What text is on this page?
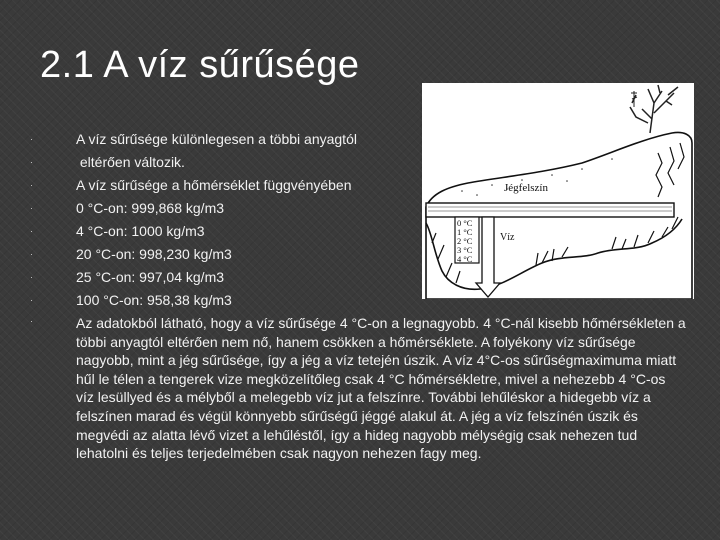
2.1 A víz sűrűsége
0 °C
1 °C
2 °C
3 °C
4 °C
Jégfelszín
Víz
·	A víz sűrűsége különlegesen a többi anyagtól
·	eltérően változik.
·	A víz sűrűsége a hőmérséklet függvényében
·	0 °C-on: 999,868 kg/m3
·	4 °C-on: 1000 kg/m3
·	20 °C-on: 998,230 kg/m3
·	25 °C-on: 997,04 kg/m3
·	100 °C-on: 958,38 kg/m3
·	Az adatokból látható, hogy a víz sűrűsége 4 °C-on a legnagyobb. 4 °C-nál kisebb hőmérsékleten a többi anyagtól eltérően nem nő, hanem csökken a hőmérséklete. A folyékony víz sűrűsége nagyobb, mint a jég sűrűsége, így a jég a víz tetején úszik. A víz 4°C-os sűrűségmaximuma miatt hűl le télen a tengerek vize megközelítőleg csak 4 °C hőmérsékletre, mivel a nehezebb 4 °C-os víz lesüllyed és a mélyből a melegebb víz jut a felszínre. További lehűléskor a hidegebb víz a felszínen marad és végül könnyebb sűrűségű jéggé alakul át. A jég a víz felszínén úszik és megvédi az alatta lévő vizet a lehűléstől, így a hideg nagyobb mélységig csak nehezen tud lehatolni és teljes terjedelmében csak nagyon nehezen fagy meg.
